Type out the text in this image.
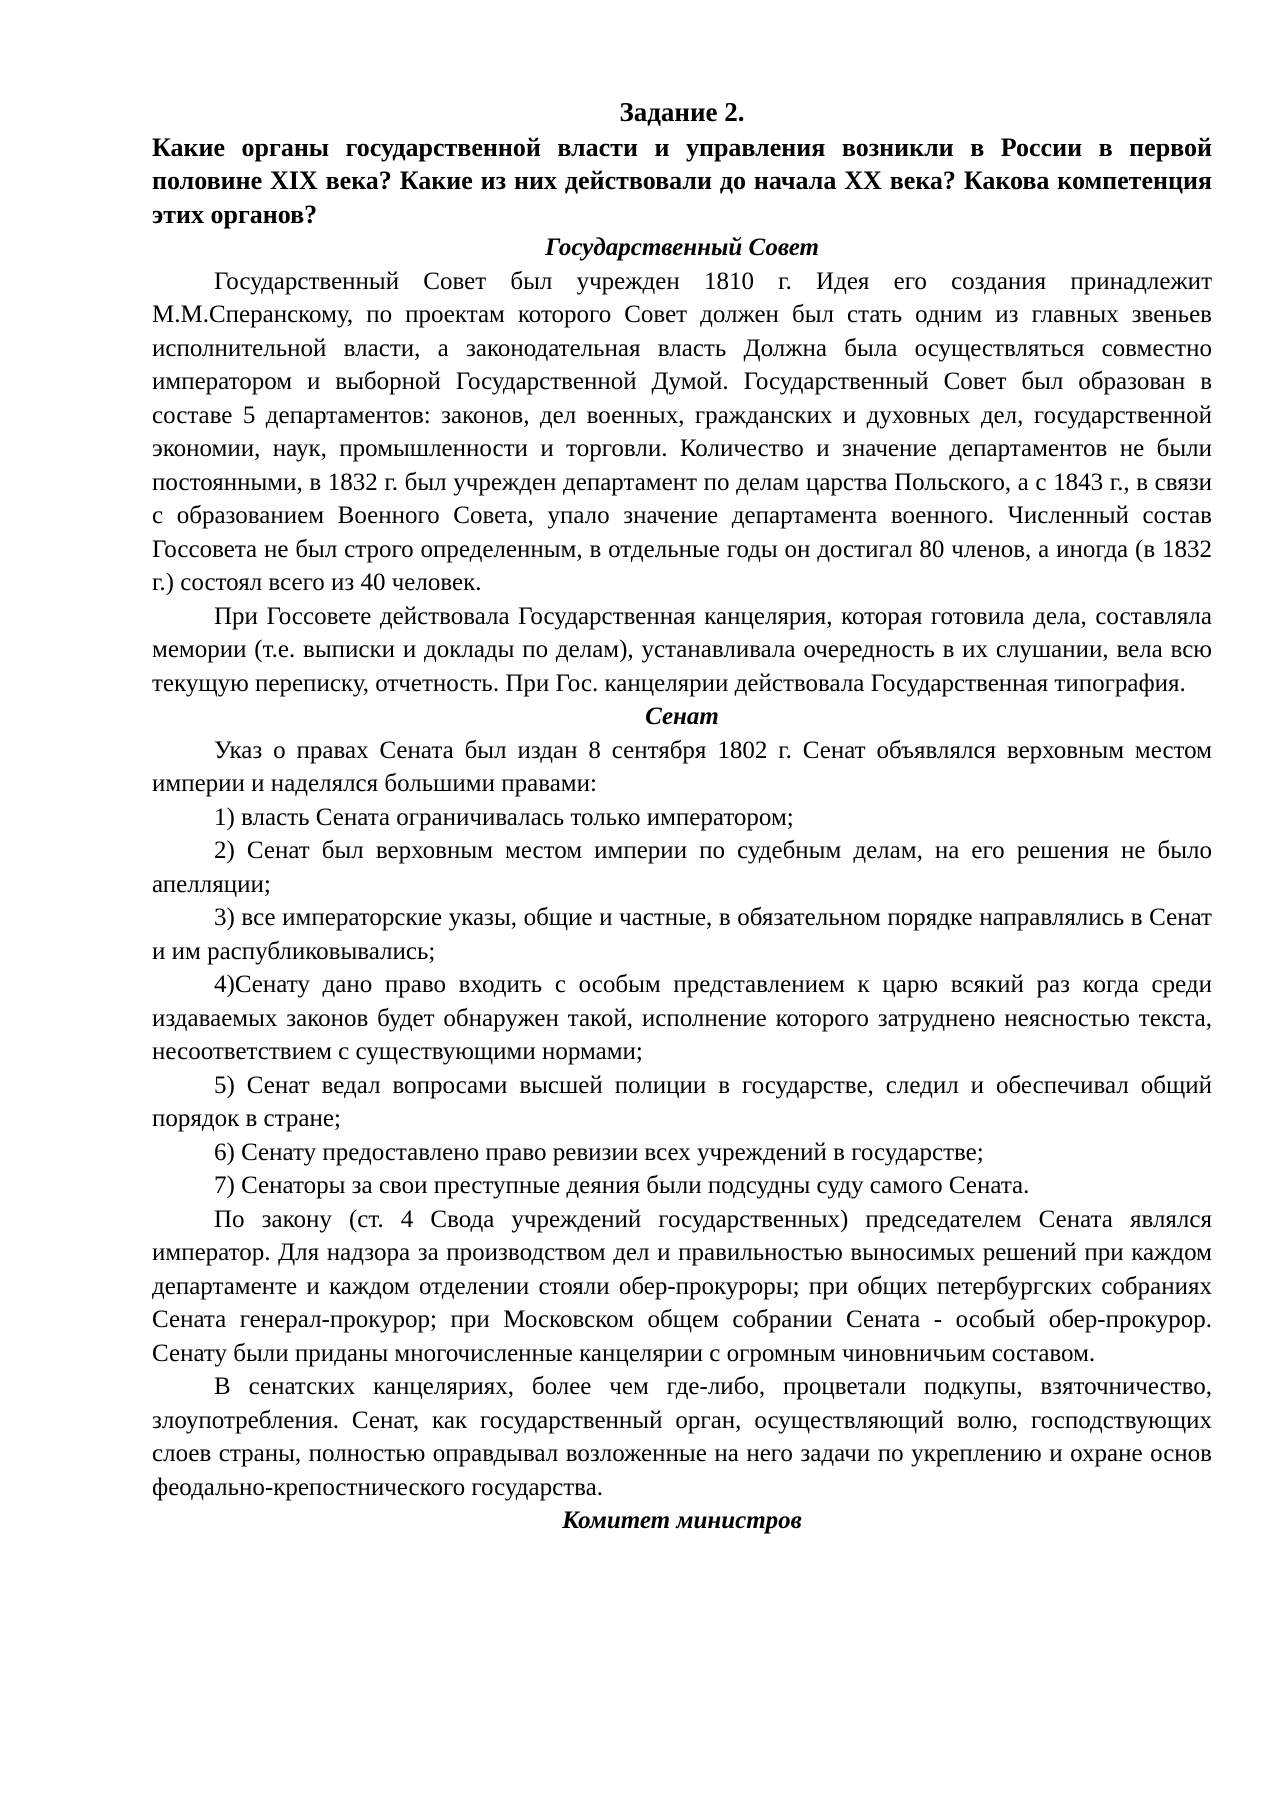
Задание 2.

Какие органы государственной власти и управления возникли в России в первой половине XIX века? Какие из них действовали до начала XX века? Какова компетенция этих органов?

Государственный Совет

Государственный Совет был учрежден 1810 г. Идея его создания принадлежит М.М.Сперанскому, по проектам которого Совет должен был стать одним из главных звеньев исполнительной власти, а законодательная власть Должна была осуществляться совместно императором и выборной Государственной Думой. Государственный Совет был образован в составе 5 департаментов: законов, дел военных, гражданских и духовных дел, государственной экономии, наук, промышленности и торговли. Количество и значение департаментов не были постоянными, в 1832 г. был учрежден департамент по делам царства Польского, а с 1843 г., в связи с образованием Военного Совета, упало значение департамента военного. Численный состав Госсовета не был строго определенным, в отдельные годы он достигал 80 членов, а иногда (в 1832 г.) состоял всего из 40 человек.

При Госсовете действовала Государственная канцелярия, которая готовила дела, составляла мемории (т.е. выписки и доклады по делам), устанавливала очередность в их слушании, вела всю текущую переписку, отчетность. При Гос. канцелярии действовала Государственная типография.

Сенат

Указ о правах Сената был издан 8 сентября 1802 г. Сенат объявлялся верховным местом империи и наделялся большими правами:

1) власть Сената ограничивалась только императором;

2) Сенат был верховным местом империи по судебным делам, на его решения не было апелляции;

3) все императорские указы, общие и частные, в обязательном порядке направлялись в Сенат и им распубликовывались;

4)Сенату дано право входить с особым представлением к царю всякий раз когда среди издаваемых законов будет обнаружен такой, исполнение которого затруднено неясностью текста, несоответствием с существующими нормами;

5) Сенат ведал вопросами высшей полиции в государстве, следил и обеспечивал общий порядок в стране;

6) Сенату предоставлено право ревизии всех учреждений в государстве;

7) Сенаторы за свои преступные деяния были подсудны суду самого Сената.

По закону (ст. 4 Свода учреждений государственных) председателем Сената являлся император. Для надзора за производством дел и правильностью выносимых решений при каждом департаменте и каждом отделении стояли обер-прокуроры; при общих петербургских собраниях Сената генерал-прокурор; при Московском общем собрании Сената - особый обер-прокурор. Сенату были приданы многочисленные канцелярии с огромным чиновничьим составом.

В сенатских канцеляриях, более чем где-либо, процветали подкупы, взяточничество, злоупотребления. Сенат, как государственный орган, осуществляющий волю, господствующих слоев страны, полностью оправдывал возложенные на него задачи по укреплению и охране основ феодально-крепостнического государства.

Комитет министров
